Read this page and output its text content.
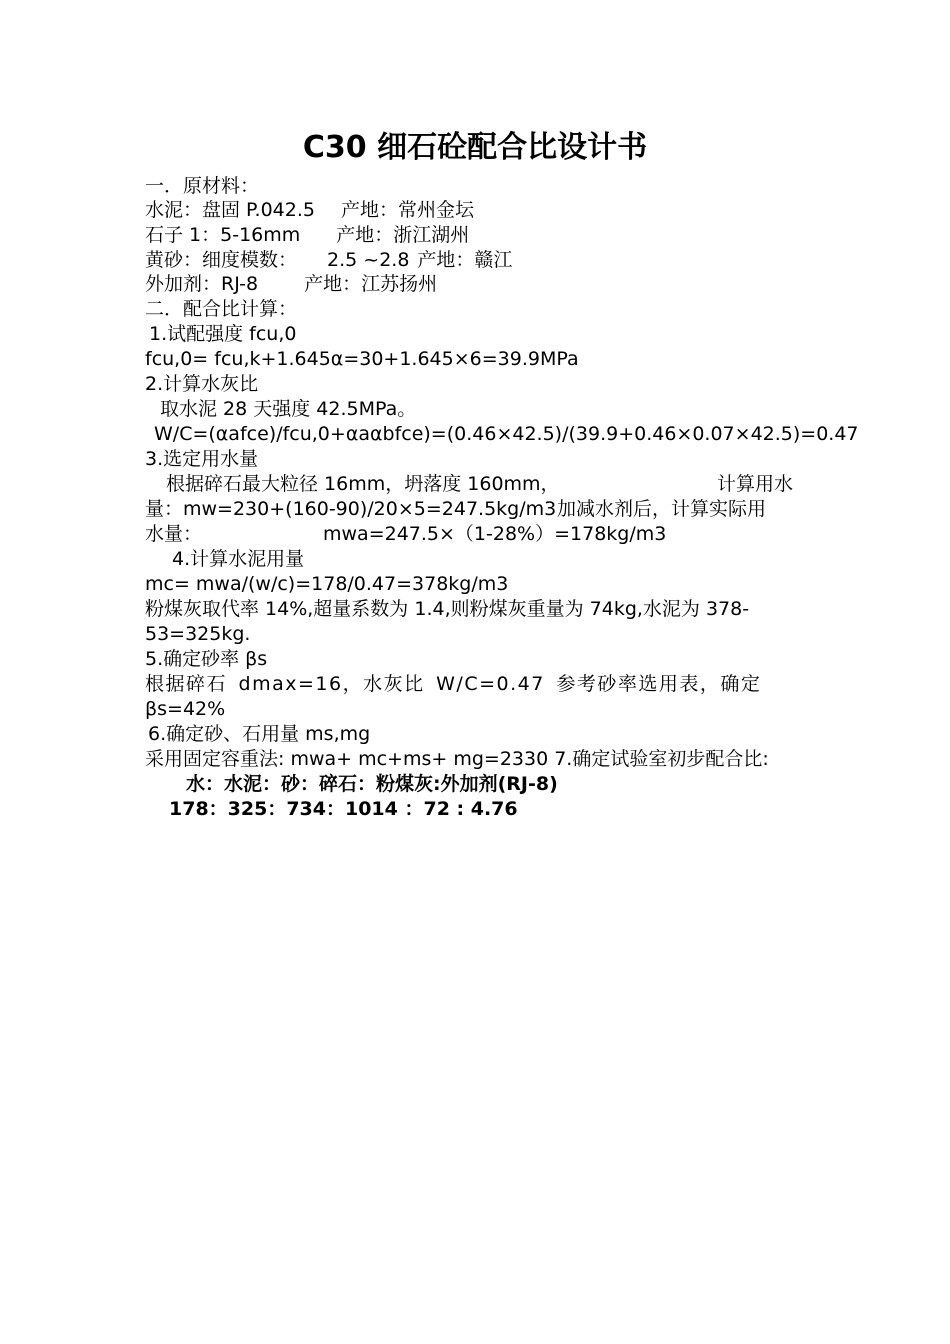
C30 细石砼配合比设计书
一．原材料：
水泥：盘固 P.042.5 产地：常州金坛
石子 1：5-16mm 产地：浙江湖州
黄砂：细度模数： 2.5 ~2.8 产地：赣江
外加剂：RJ-8 产地：江苏扬州
二．配合比计算：
1.试配强度 fcu,0
fcu,0= fcu,k+1.645α=30+1.645×6=39.9MPa
2.计算水灰比
取水泥 28 天强度 42.5MPa。
W/C=(αafce)/fcu,0+αaαbfce)=(0.46×42.5)/(39.9+0.46×0.07×42.5)=0.47
3.选定用水量
根据碎石最大粒径 16mm，坍落度 160mm，	计算用水
量：mw=230+(160-90)/20×5=247.5kg/m3 加减水剂后，计算实际用
水量：	mwa=247.5×（1-28%）=178kg/m3
4.计算水泥用量
mc= mwa/(w/c)=178/0.47=378kg/m3
粉煤灰取代率 14%,超量系数为 1.4,则粉煤灰重量为 74kg,水泥为 378-
53=325kg.
5.确定砂率 βs
根据碎石 dmax=16，水灰比 W/C=0.47 参考砂率选用表，确定
βs=42%
6.确定砂、石用量 ms,mg
采用固定容重法: mwa+ mc+ms+ mg=2330 7.确定试验室初步配合比:
水：水泥：砂：碎石：粉煤灰:外加剂(RJ-8)
178：325：734：1014 ：72 : 4.76
